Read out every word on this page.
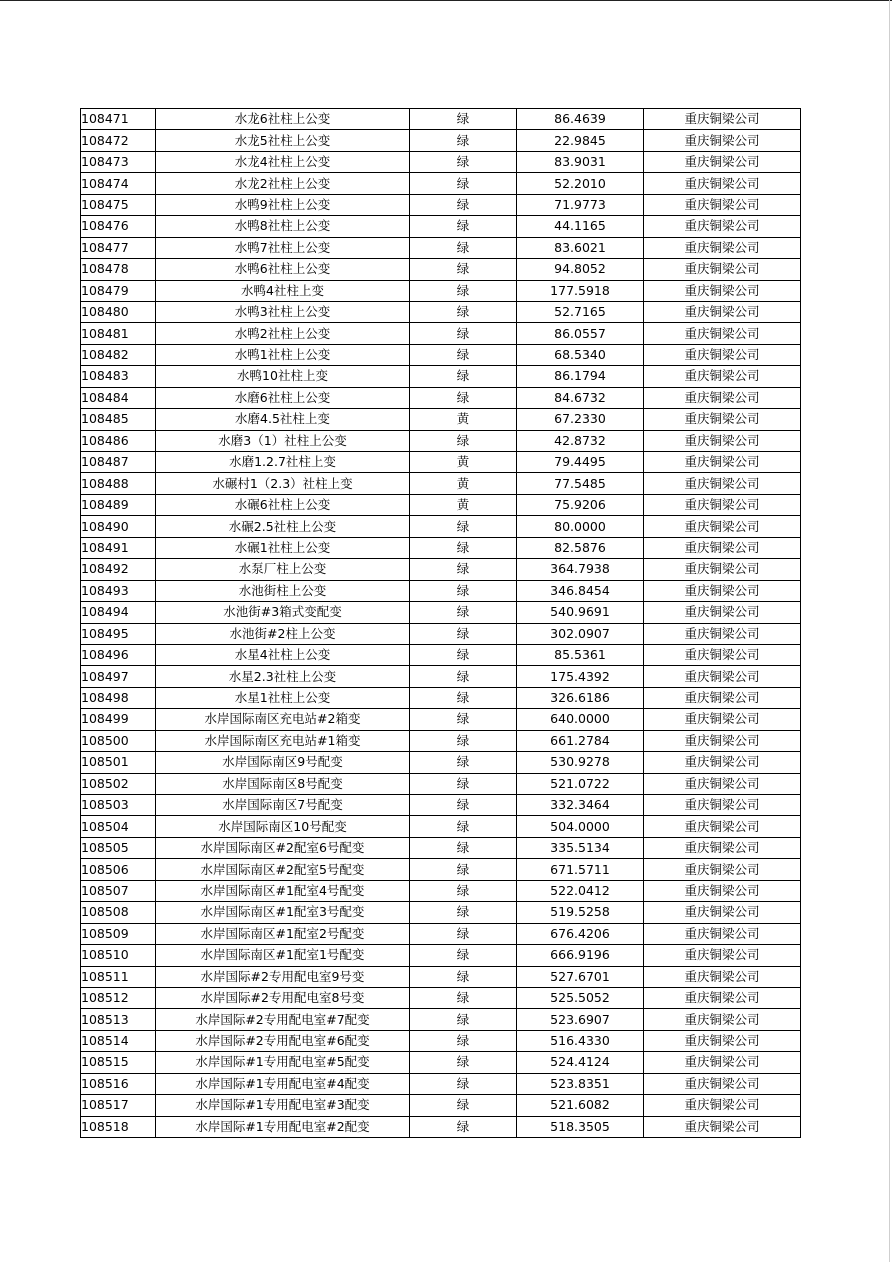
108471	水龙6社柱上公变	绿	86.4639	重庆铜梁公司
108472	水龙5社柱上公变	绿	22.9845	重庆铜梁公司
108473	水龙4社柱上公变	绿	83.9031	重庆铜梁公司
108474	水龙2社柱上公变	绿	52.2010	重庆铜梁公司
108475	水鸭9社柱上公变	绿	71.9773	重庆铜梁公司
108476	水鸭8社柱上公变	绿	44.1165	重庆铜梁公司
108477	水鸭7社柱上公变	绿	83.6021	重庆铜梁公司
108478	水鸭6社柱上公变	绿	94.8052	重庆铜梁公司
108479	水鸭4社柱上变	绿	177.5918	重庆铜梁公司
108480	水鸭3社柱上公变	绿	52.7165	重庆铜梁公司
108481	水鸭2社柱上公变	绿	86.0557	重庆铜梁公司
108482	水鸭1社柱上公变	绿	68.5340	重庆铜梁公司
108483	水鸭10社柱上变	绿	86.1794	重庆铜梁公司
108484	水磨6社柱上公变	绿	84.6732	重庆铜梁公司
108485	水磨4.5社柱上变	黄	67.2330	重庆铜梁公司
108486	水磨3（1）社柱上公变	绿	42.8732	重庆铜梁公司
108487	水磨1.2.7社柱上变	黄	79.4495	重庆铜梁公司
108488	水碾村1（2.3）社柱上变	黄	77.5485	重庆铜梁公司
108489	水碾6社柱上公变	黄	75.9206	重庆铜梁公司
108490	水碾2.5社柱上公变	绿	80.0000	重庆铜梁公司
108491	水碾1社柱上公变	绿	82.5876	重庆铜梁公司
108492	水泵厂柱上公变	绿	364.7938	重庆铜梁公司
108493	水池街柱上公变	绿	346.8454	重庆铜梁公司
108494	水池街#3箱式变配变	绿	540.9691	重庆铜梁公司
108495	水池街#2柱上公变	绿	302.0907	重庆铜梁公司
108496	水星4社柱上公变	绿	85.5361	重庆铜梁公司
108497	水星2.3社柱上公变	绿	175.4392	重庆铜梁公司
108498	水星1社柱上公变	绿	326.6186	重庆铜梁公司
108499	水岸国际南区充电站#2箱变	绿	640.0000	重庆铜梁公司
108500	水岸国际南区充电站#1箱变	绿	661.2784	重庆铜梁公司
108501	水岸国际南区9号配变	绿	530.9278	重庆铜梁公司
108502	水岸国际南区8号配变	绿	521.0722	重庆铜梁公司
108503	水岸国际南区7号配变	绿	332.3464	重庆铜梁公司
108504	水岸国际南区10号配变	绿	504.0000	重庆铜梁公司
108505	水岸国际南区#2配室6号配变	绿	335.5134	重庆铜梁公司
108506	水岸国际南区#2配室5号配变	绿	671.5711	重庆铜梁公司
108507	水岸国际南区#1配室4号配变	绿	522.0412	重庆铜梁公司
108508	水岸国际南区#1配室3号配变	绿	519.5258	重庆铜梁公司
108509	水岸国际南区#1配室2号配变	绿	676.4206	重庆铜梁公司
108510	水岸国际南区#1配室1号配变	绿	666.9196	重庆铜梁公司
108511	水岸国际#2专用配电室9号变	绿	527.6701	重庆铜梁公司
108512	水岸国际#2专用配电室8号变	绿	525.5052	重庆铜梁公司
108513	水岸国际#2专用配电室#7配变	绿	523.6907	重庆铜梁公司
108514	水岸国际#2专用配电室#6配变	绿	516.4330	重庆铜梁公司
108515	水岸国际#1专用配电室#5配变	绿	524.4124	重庆铜梁公司
108516	水岸国际#1专用配电室#4配变	绿	523.8351	重庆铜梁公司
108517	水岸国际#1专用配电室#3配变	绿	521.6082	重庆铜梁公司
108518	水岸国际#1专用配电室#2配变	绿	518.3505	重庆铜梁公司
